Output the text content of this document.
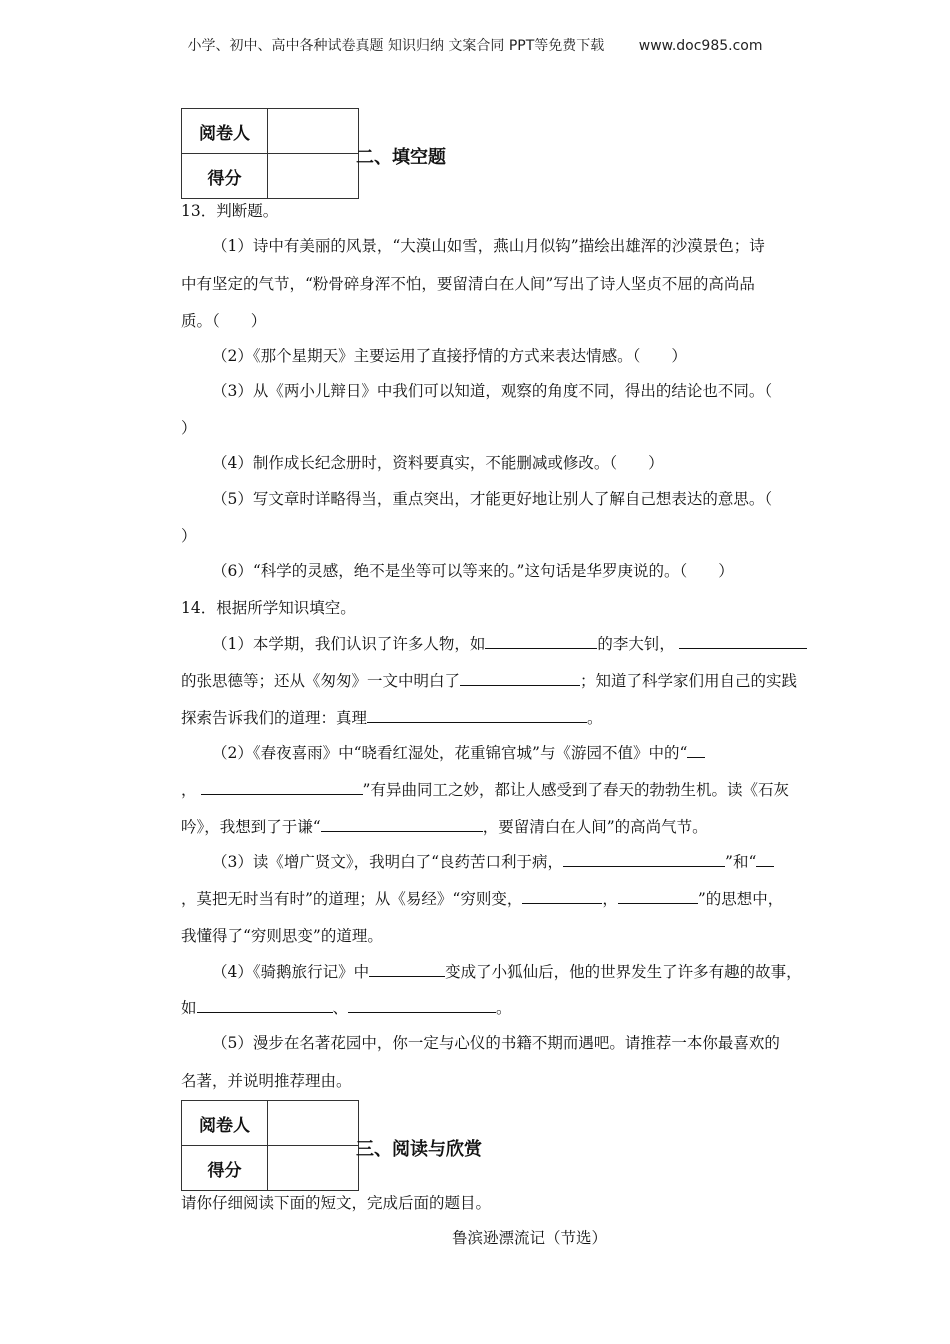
小学、初中、高中各种试卷真题 知识归纳 文案合同 PPT等免费下载 www.doc985.com
阅卷人	
得分	
二、填空题
13．判断题。
（1）诗中有美丽的风景，“大漠山如雪，燕山月似钩”描绘出雄浑的沙漠景色；诗
中有坚定的气节，“粉骨碎身浑不怕，要留清白在人间”写出了诗人坚贞不屈的高尚品
质。（　　）
（2）《那个星期天》主要运用了直接抒情的方式来表达情感。（　　）
（3）从《两小儿辩日》中我们可以知道，观察的角度不同，得出的结论也不同。（
）
（4）制作成长纪念册时，资料要真实，不能删减或修改。（　　）
（5）写文章时详略得当，重点突出，才能更好地让别人了解自己想表达的意思。（
）
（6）“科学的灵感，绝不是坐等可以等来的。”这句话是华罗庚说的。（　　）
14．根据所学知识填空。
（1）本学期，我们认识了许多人物，如	的李大钊，
的张思德等；还从《匆匆》一文中明白了	；知道了科学家们用自己的实践
探索告诉我们的道理：真理	。
（2）《春夜喜雨》中“晓看红湿处，花重锦官城”与《游园不值》中的“
，	”有异曲同工之妙，都让人感受到了春天的勃勃生机。读《石灰
吟》，我想到了于谦“	，要留清白在人间”的高尚气节。
（3）读《增广贤文》，我明白了“良药苦口利于病，	”和“
，莫把无时当有时”的道理；从《易经》“穷则变，	，	”的思想中，
我懂得了“穷则思变”的道理。
（4）《骑鹅旅行记》中	变成了小狐仙后，他的世界发生了许多有趣的故事，
如	、	。
（5）漫步在名著花园中，你一定与心仪的书籍不期而遇吧。请推荐一本你最喜欢的
名著，并说明推荐理由。
阅卷人	
得分	
三、阅读与欣赏
请你仔细阅读下面的短文，完成后面的题目。
鲁滨逊漂流记（节选）
